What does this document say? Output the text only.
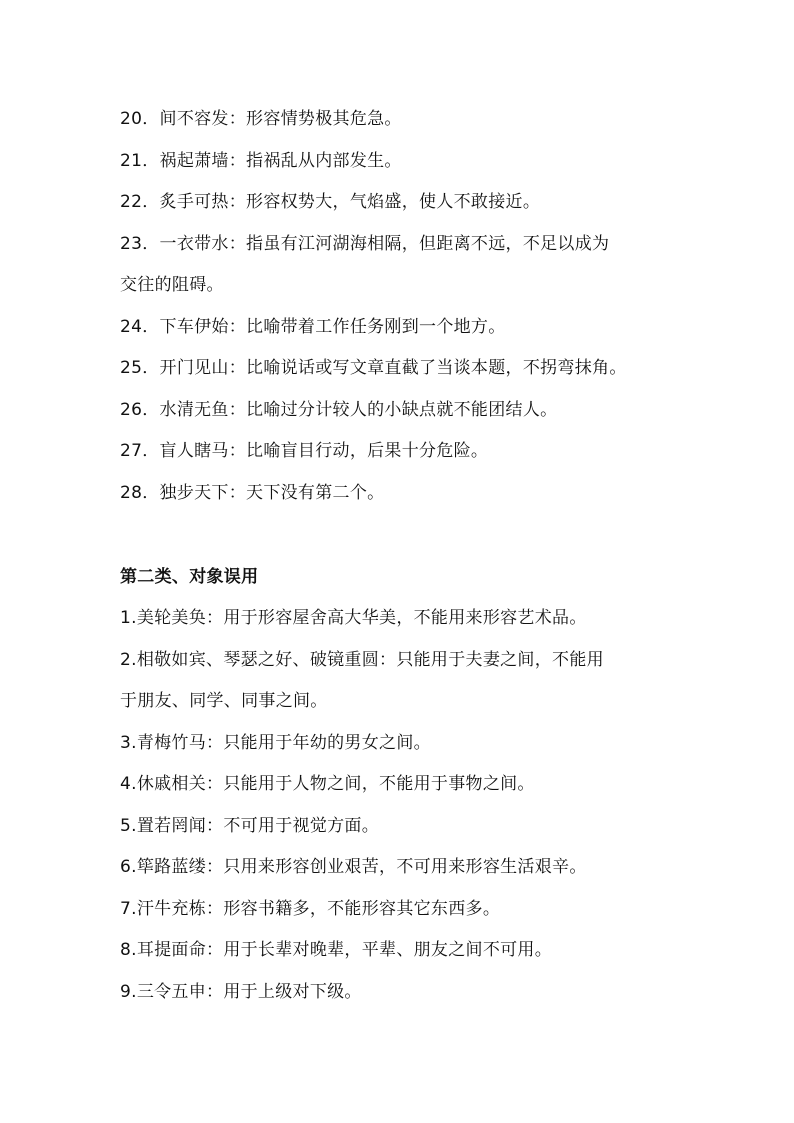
20．间不容发：形容情势极其危急。
21．祸起萧墙：指祸乱从内部发生。
22．炙手可热：形容权势大，气焰盛，使人不敢接近。
23．一衣带水：指虽有江河湖海相隔，但距离不远，不足以成为
交往的阻碍。
24．下车伊始：比喻带着工作任务刚到一个地方。
25．开门见山：比喻说话或写文章直截了当谈本题，不拐弯抹角。
26．水清无鱼：比喻过分计较人的小缺点就不能团结人。
27．盲人瞎马：比喻盲目行动，后果十分危险。
28．独步天下：天下没有第二个。
第二类、对象误用
1.美轮美奂：用于形容屋舍高大华美，不能用来形容艺术品。
2.相敬如宾、琴瑟之好、破镜重圆：只能用于夫妻之间，不能用
于朋友、同学、同事之间。
3.青梅竹马：只能用于年幼的男女之间。
4.休戚相关：只能用于人物之间，不能用于事物之间。
5.置若罔闻：不可用于视觉方面。
6.筚路蓝缕：只用来形容创业艰苦，不可用来形容生活艰辛。
7.汗牛充栋：形容书籍多，不能形容其它东西多。
8.耳提面命：用于长辈对晚辈，平辈、朋友之间不可用。
9.三令五申：用于上级对下级。
